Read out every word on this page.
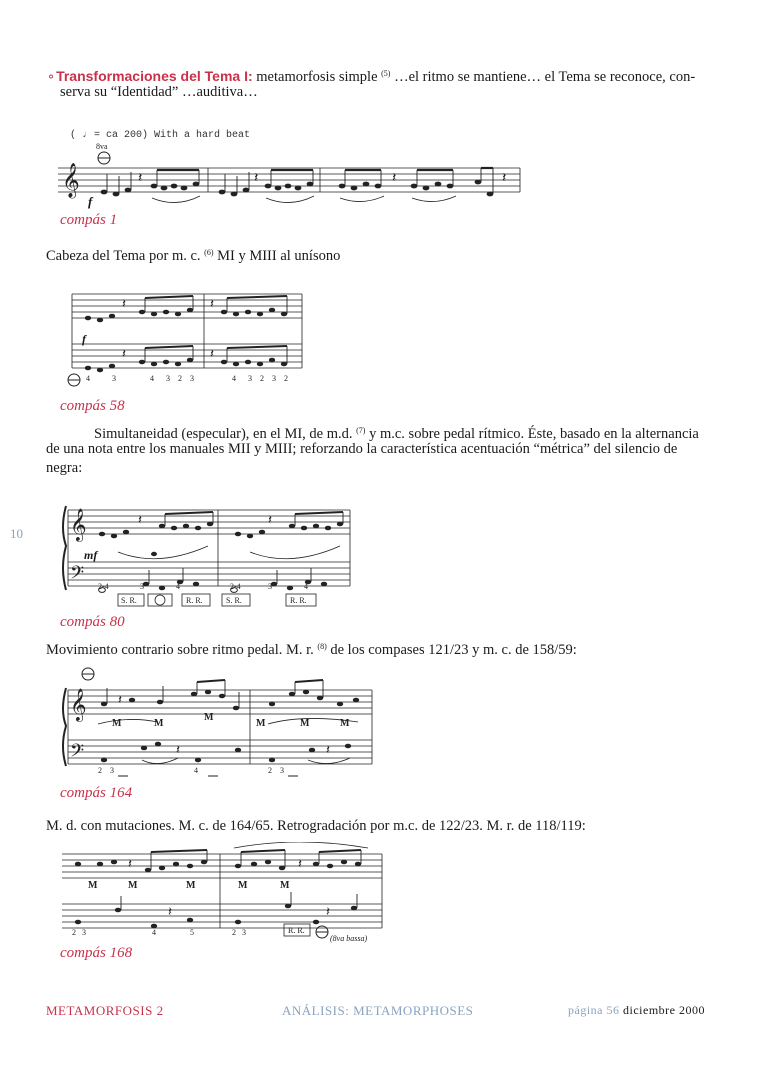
⚬Transformaciones del Tema I: metamorfosis simple $^{(5)}$ …el ritmo se mantiene… el Tema se reconoce, con-
serva su “Identidad” …auditiva…
( ♩ = ca 200) With a hard beat
8va
f
𝄞	𝄽	𝄽	𝄽	𝄽
compás 1
Cabeza del Tema por m. c. $^{(6)}$ MI y MIII al unísono
f
𝄽	𝄽
𝄽	𝄽
4	3	4 3 2 3	4 3 2 3 2
compás 58
Simultaneidad (especular), en el MI, de m.d. $^{(7)}$ y m.c. sobre pedal rítmico. Éste, basado en la alternancia
de una nota entre los manuales MII y MIII; reforzando la característica acentuación “métrica” del silencio de
negra:
10
mf
𝄞
𝄢
𝄽	𝄽
2-4	3	4	2-4	3	4
S. R.	R. R.	S. R.	R. R.
compás 80
Movimiento contrario sobre ritmo pedal. M. r. $^{(8)}$ de los compases 121/23 y m. c. de 158/59:
𝄞
𝄢
𝄽
𝄽	𝄽
M	M
M
M	M	M
2 3	4	2 3
compás 164
M. d. con mutaciones. M. c. de 164/65. Retrogradación por m.c. de 122/23. M. r. de 118/119:
𝄽	𝄽
𝄽	𝄽
M	M	M	M	M
2 3	4	5	2 3	R. R.
(8va bassa)
compás 168
METAMORFOSIS 2	ANÁLISIS: METAMORPHOSES	página 56 diciembre 2000
